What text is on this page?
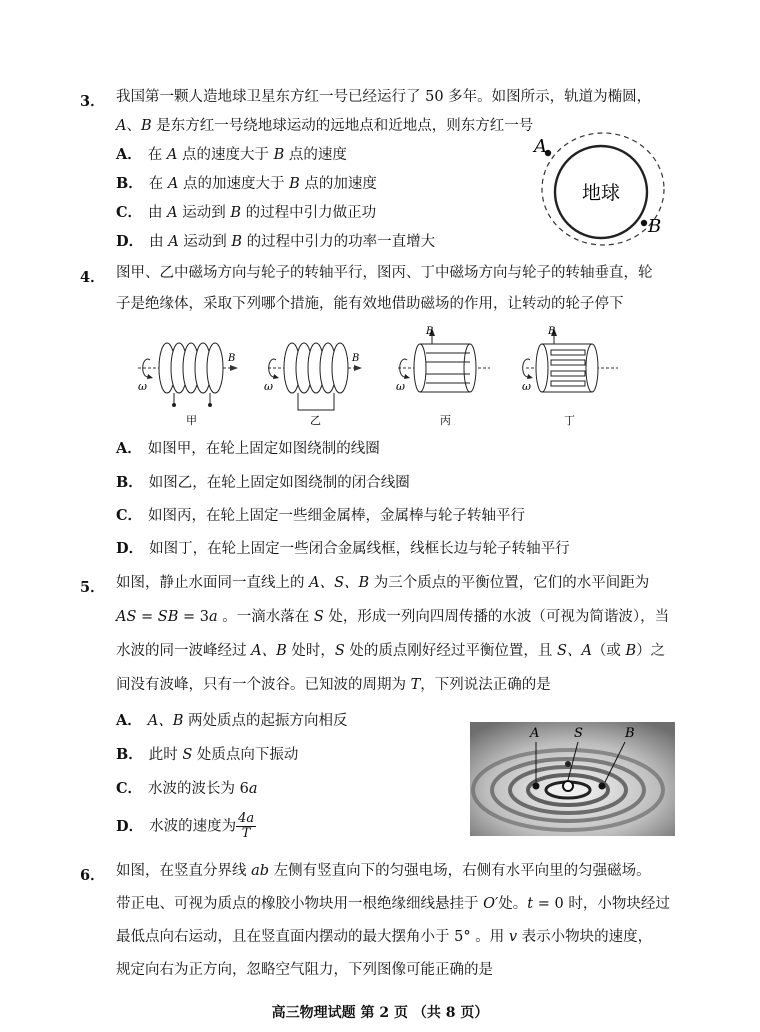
3． 我国第一颗人造地球卫星东方红一号已经运行了 50 多年。如图所示，轨道为椭圆，
A、B 是东方红一号绕地球运动的远地点和近地点，则东方红一号
A． 在 A 点的速度大于 B 点的速度
B． 在 A 点的加速度大于 B 点的加速度
C． 由 A 运动到 B 的过程中引力做正功
D． 由 A 运动到 B 的过程中引力的功率一直增大
地球
A
B
4． 图甲、乙中磁场方向与轮子的转轴平行，图丙、丁中磁场方向与轮子的转轴垂直，轮
子是绝缘体，采取下列哪个措施，能有效地借助磁场的作用，让转动的轮子停下
B
ω
甲
B
ω
乙
B
ω
丙
B
ω
丁
A． 如图甲，在轮上固定如图绕制的线圈
B． 如图乙，在轮上固定如图绕制的闭合线圈
C． 如图丙，在轮上固定一些细金属棒，金属棒与轮子转轴平行
D． 如图丁，在轮上固定一些闭合金属线框，线框长边与轮子转轴平行
5． 如图，静止水面同一直线上的 A、S、B 为三个质点的平衡位置，它们的水平间距为
AS = SB = 3a 。一滴水落在 S 处，形成一列向四周传播的水波（可视为简谐波），当
水波的同一波峰经过 A、B 处时，S 处的质点刚好经过平衡位置，且 S、A（或 B）之
间没有波峰，只有一个波谷。已知波的周期为 T，下列说法正确的是
A． A、B 两处质点的起振方向相反
B． 此时 S 处质点向下振动
C． 水波的波长为 6a
D． 水波的速度为 $\frac{4a}{T}$
A	S	B
6． 如图，在竖直分界线 ab 左侧有竖直向下的匀强电场，右侧有水平向里的匀强磁场。
带正电、可视为质点的橡胶小物块用一根绝缘细线悬挂于 O′处。t = 0 时，小物块经过
最低点向右运动，且在竖直面内摆动的最大摆角小于 5° 。用 v 表示小物块的速度，
规定向右为正方向，忽略空气阻力，下列图像可能正确的是
高三物理试题 第 2 页 （共 8 页）
